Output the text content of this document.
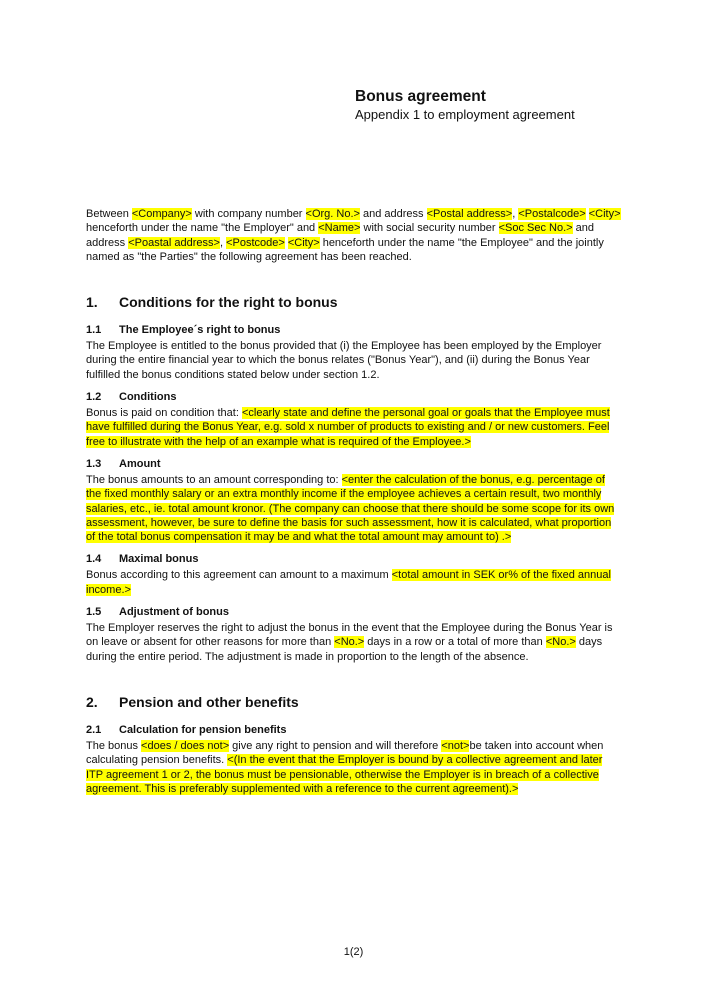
Bonus agreement
Appendix 1 to employment agreement

Between <Company> with company number <Org. No.> and address <Postal address>, <Postalcode> <City> henceforth under the name "the Employer" and <Name> with social security number <Soc Sec No.> and address <Poastal address>, <Postcode> <City> henceforth under the name "the Employee" and the jointly named as "the Parties" the following agreement has been reached.

1.	Conditions for the right to bonus
1.1	The Employee´s right to bonus

The Employee is entitled to the bonus provided that (i) the Employee has been employed by the Employer during the entire financial year to which the bonus relates ("Bonus Year"), and (ii) during the Bonus Year fulfilled the bonus conditions stated below under section 1.2.

1.2	Conditions

Bonus is paid on condition that: <clearly state and define the personal goal or goals that the Employee must have fulfilled during the Bonus Year, e.g. sold x number of products to existing and / or new customers. Feel free to illustrate with the help of an example what is required of the Employee.>

1.3	Amount

The bonus amounts to an amount corresponding to: <enter the calculation of the bonus, e.g. percentage of the fixed monthly salary or an extra monthly income if the employee achieves a certain result, two monthly salaries, etc., ie. total amount kronor. (The company can choose that there should be some scope for its own assessment, however, be sure to define the basis for such assessment, how it is calculated, what proportion of the total bonus compensation it may be and what the total amount may amount to) .>

1.4	Maximal bonus

Bonus according to this agreement can amount to a maximum <total amount in SEK or% of the fixed annual income.>

1.5	Adjustment of bonus

The Employer reserves the right to adjust the bonus in the event that the Employee during the Bonus Year is on leave or absent for other reasons for more than <No.> days in a row or a total of more than <No.> days during the entire period. The adjustment is made in proportion to the length of the absence.

2.	Pension and other benefits
2.1	Calculation for pension benefits

The bonus <does / does not> give any right to pension and will therefore <not>be taken into account when calculating pension benefits. <(In the event that the Employer is bound by a collective agreement and later ITP agreement 1 or 2, the bonus must be pensionable, otherwise the Employer is in breach of a collective agreement. This is preferably supplemented with a reference to the current agreement).>

1(2)
